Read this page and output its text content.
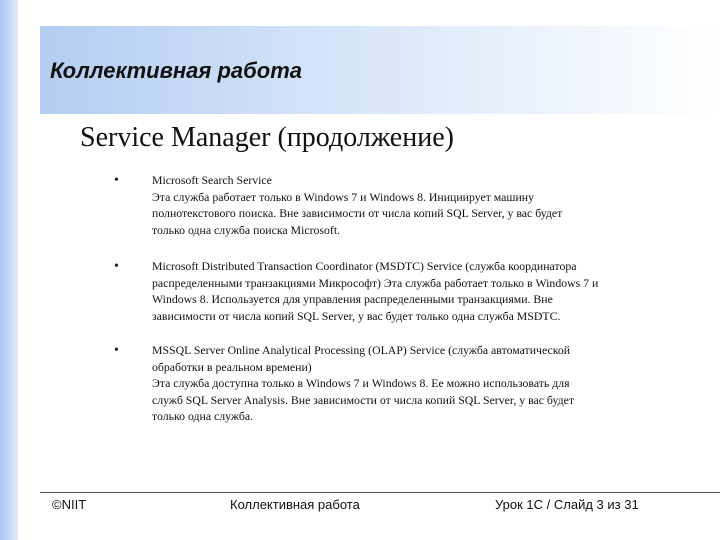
Коллективная работа
Service Manager (продолжение)
•	Microsoft Search Service
Эта служба работает только в Windows 7 и Windows 8. Инициирует машину
полнотекстового поиска. Вне зависимости от числа копий SQL Server, у вас будет
только одна служба поиска Microsoft.
•	Microsoft Distributed Transaction Coordinator (MSDTC) Service (служба координатора
распределенными транзакциями Микрософт) Эта служба работает только в Windows 7 и
Windows 8. Используется для управления распределенными транзакциями. Вне
зависимости от числа копий SQL Server, у вас будет только одна служба MSDTC.
•	MSSQL Server Online Analytical Processing (OLAP) Service (служба автоматической
обработки в реальном времени)
Эта служба доступна только в Windows 7 и Windows 8. Ее можно использовать для
служб SQL Server Analysis. Вне зависимости от числа копий SQL Server, у вас будет
только одна служба.
©NIIT	Коллективная работа	Урок 1C / Слайд 3 из 31
